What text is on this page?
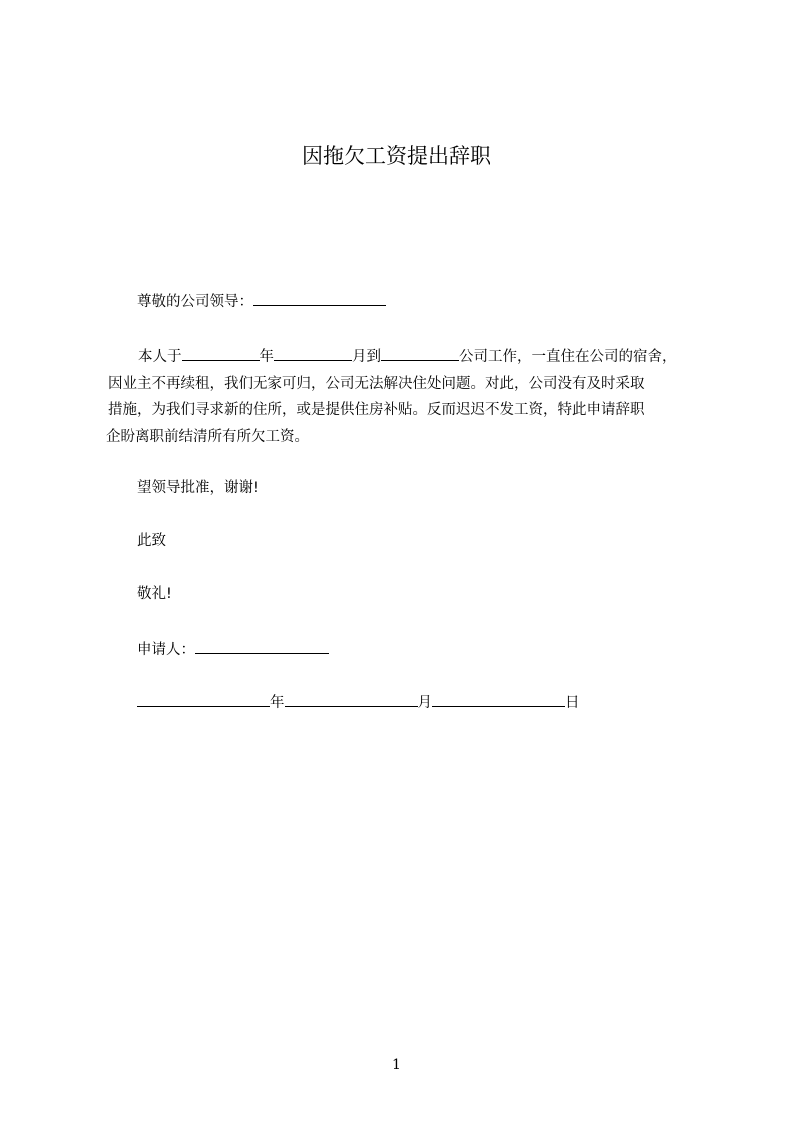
因拖欠工资提出辞职
尊敬的公司领导：
本人于	年	月到	公司工作，一直住在公司的宿舍，
因业主不再续租，我们无家可归，公司无法解决住处问题。对此，公司没有及时采取
措施，为我们寻求新的住所，或是提供住房补贴。反而迟迟不发工资，特此申请辞职
企盼离职前结清所有所欠工资。
望领导批准，谢谢!
此致
敬礼!
申请人：
年	月	日
1
